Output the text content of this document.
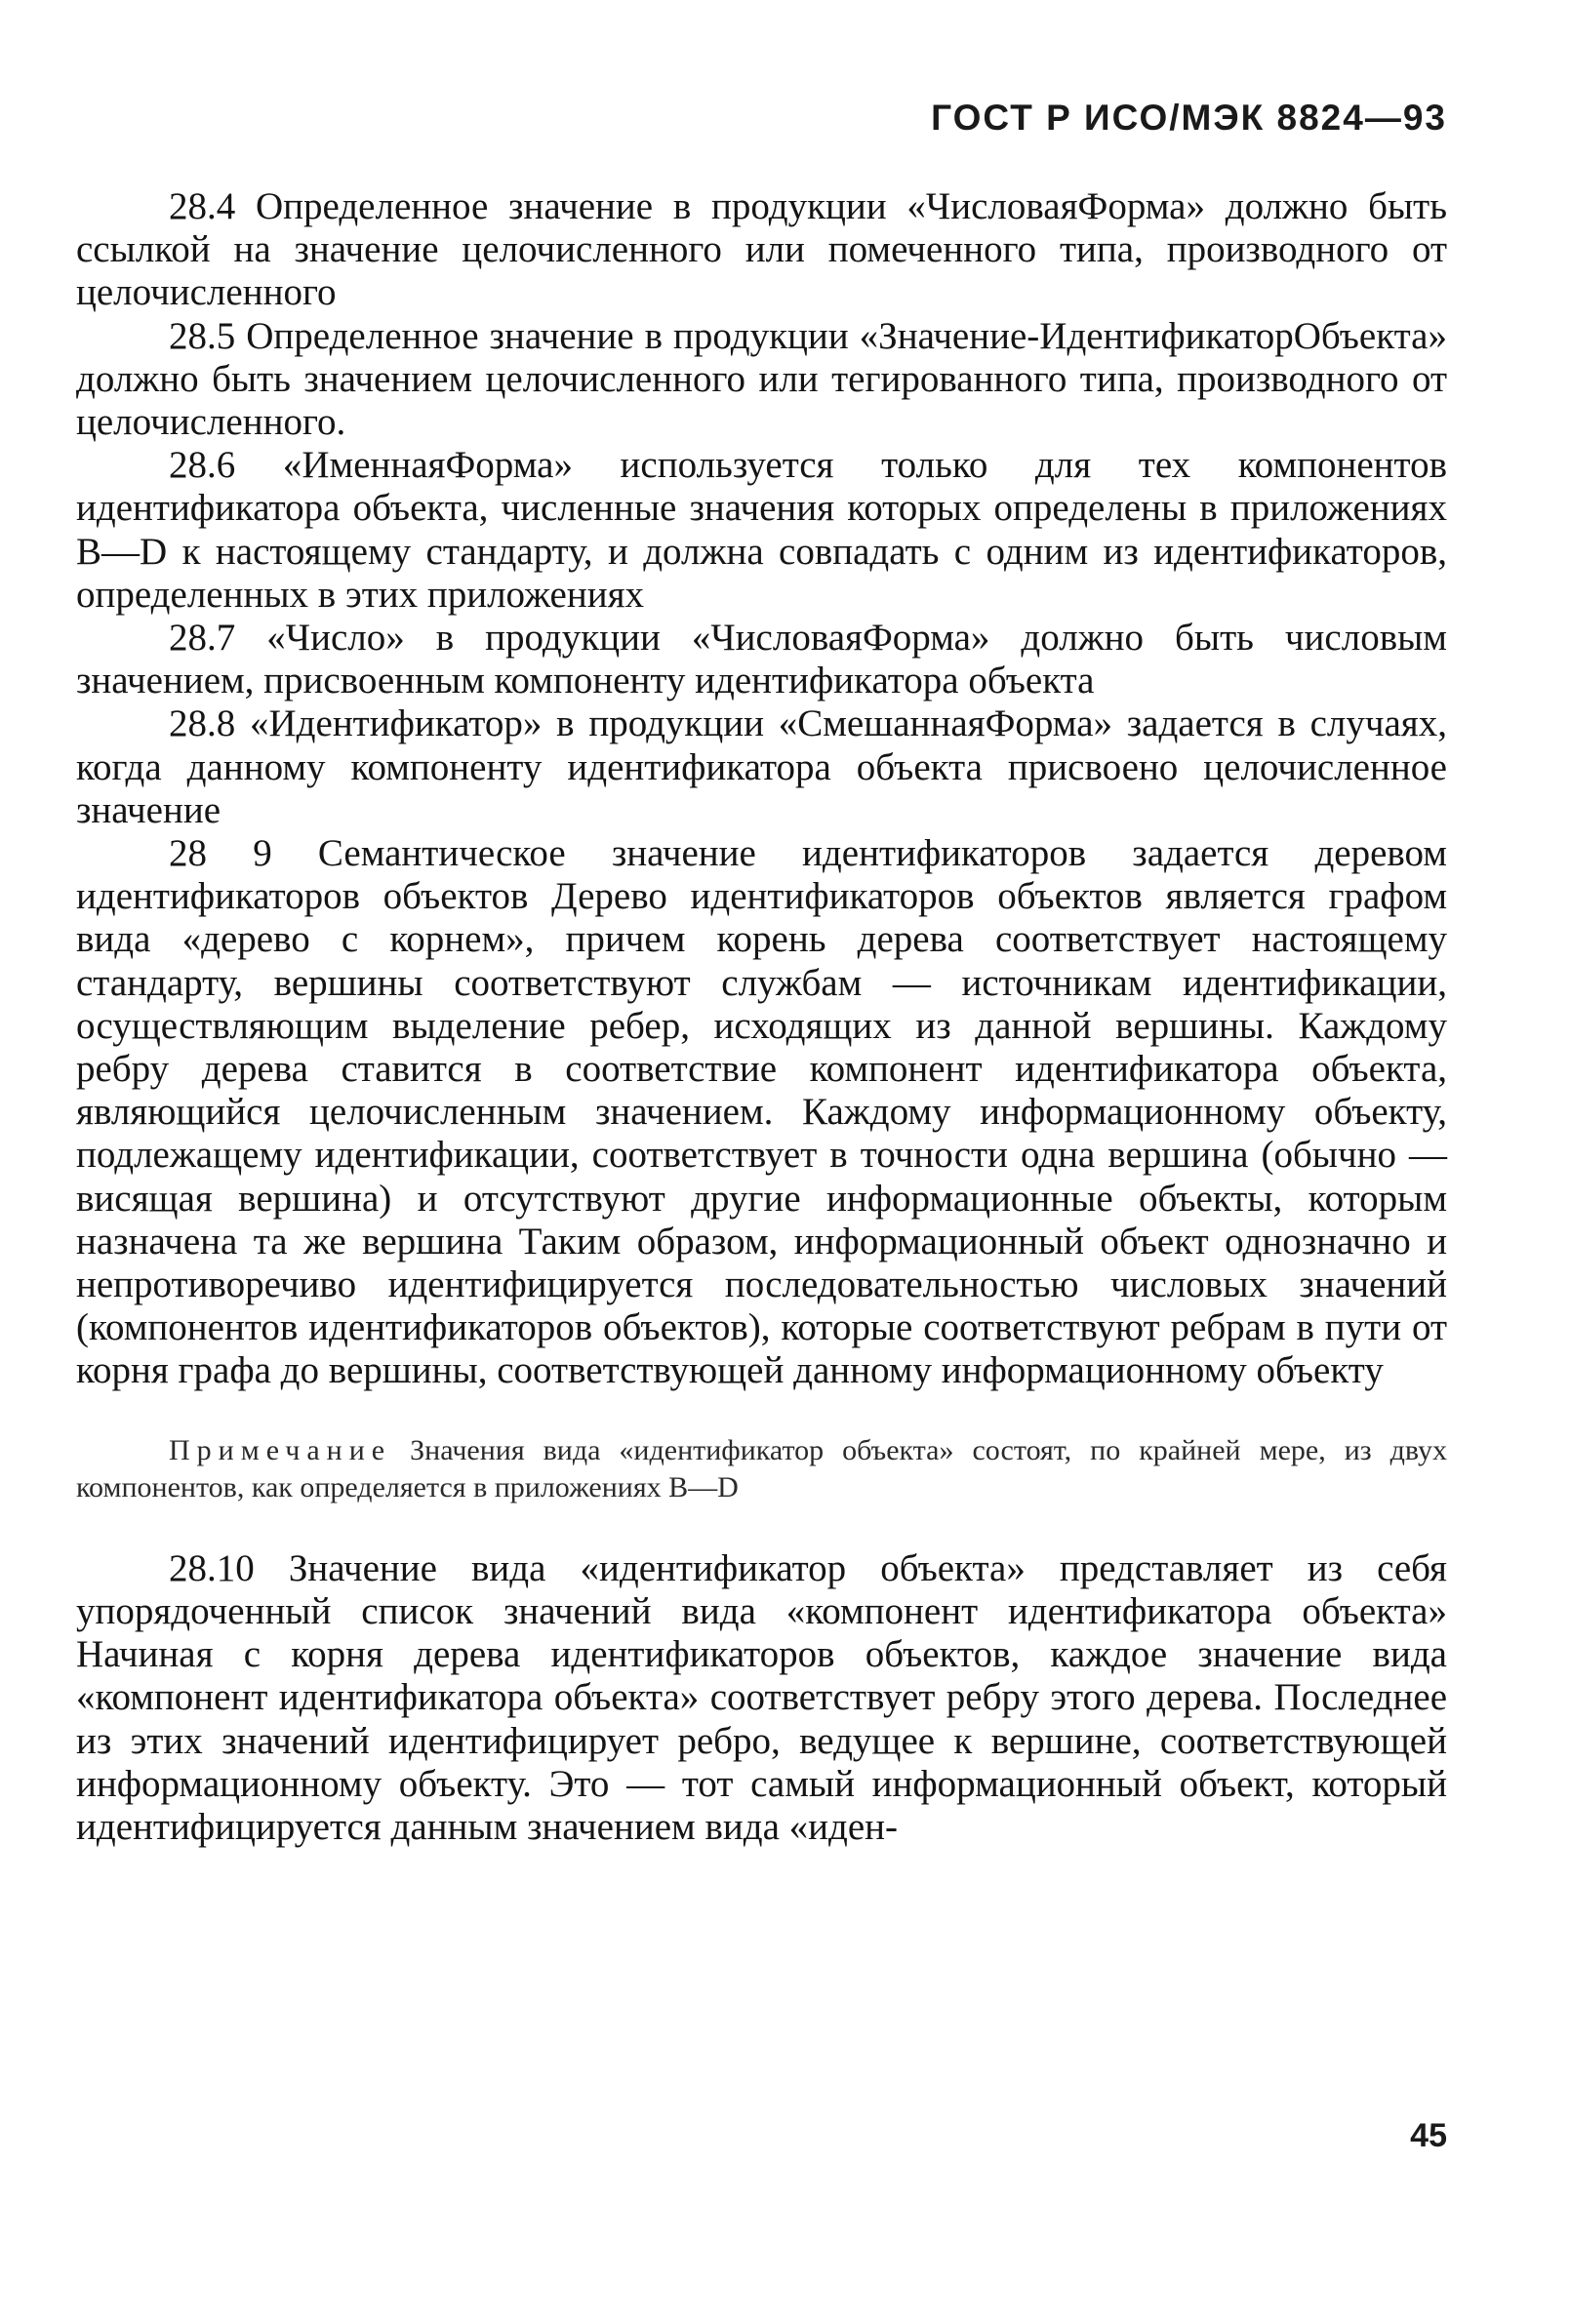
ГОСТ Р ИСО/МЭК 8824—93

28.4 Определенное значение в продукции «ЧисловаяФорма» должно быть ссылкой на значение целочисленного или помеченного типа, производного от целочисленного

28.5 Определенное значение в продукции «Значение-ИдентификаторОбъекта» должно быть значением целочисленного или тегированного типа, производного от целочисленного.

28.6 «ИменнаяФорма» используется только для тех компонентов идентификатора объекта, численные значения которых определены в приложениях В—D к настоящему стандарту, и должна совпадать с одним из идентификаторов, определенных в этих приложениях

28.7 «Число» в продукции «ЧисловаяФорма» должно быть числовым значением, присвоенным компоненту идентификатора объекта

28.8 «Идентификатор» в продукции «СмешаннаяФорма» задается в случаях, когда данному компоненту идентификатора объекта присвоено целочисленное значение

28 9 Семантическое значение идентификаторов задается деревом идентификаторов объектов Дерево идентификаторов объектов является графом вида «дерево с корнем», причем корень дерева соответствует настоящему стандарту, вершины соответствуют службам — источникам идентификации, осуществляющим выделение ребер, исходящих из данной вершины. Каждому ребру дерева ставится в соответствие компонент идентификатора объекта, являющийся целочисленным значением. Каждому информационному объекту, подлежащему идентификации, соответствует в точности одна вершина (обычно — висящая вершина) и отсутствуют другие информационные объекты, которым назначена та же вершина Таким образом, информационный объект однозначно и непротиворечиво идентифицируется последовательностью числовых значений (компонентов идентификаторов объектов), которые соответствуют ребрам в пути от корня графа до вершины, соответствующей данному информационному объекту

Примечание Значения вида «идентификатор объекта» состоят, по крайней мере, из двух компонентов, как определяется в приложениях В—D

28.10 Значение вида «идентификатор объекта» представляет из себя упорядоченный список значений вида «компонент идентификатора объекта» Начиная с корня дерева идентификаторов объектов, каждое значение вида «компонент идентификатора объекта» соответствует ребру этого дерева. Последнее из этих значений идентифицирует ребро, ведущее к вершине, соответствующей информационному объекту. Это — тот самый информационный объект, который идентифицируется данным значением вида «иден-

45
